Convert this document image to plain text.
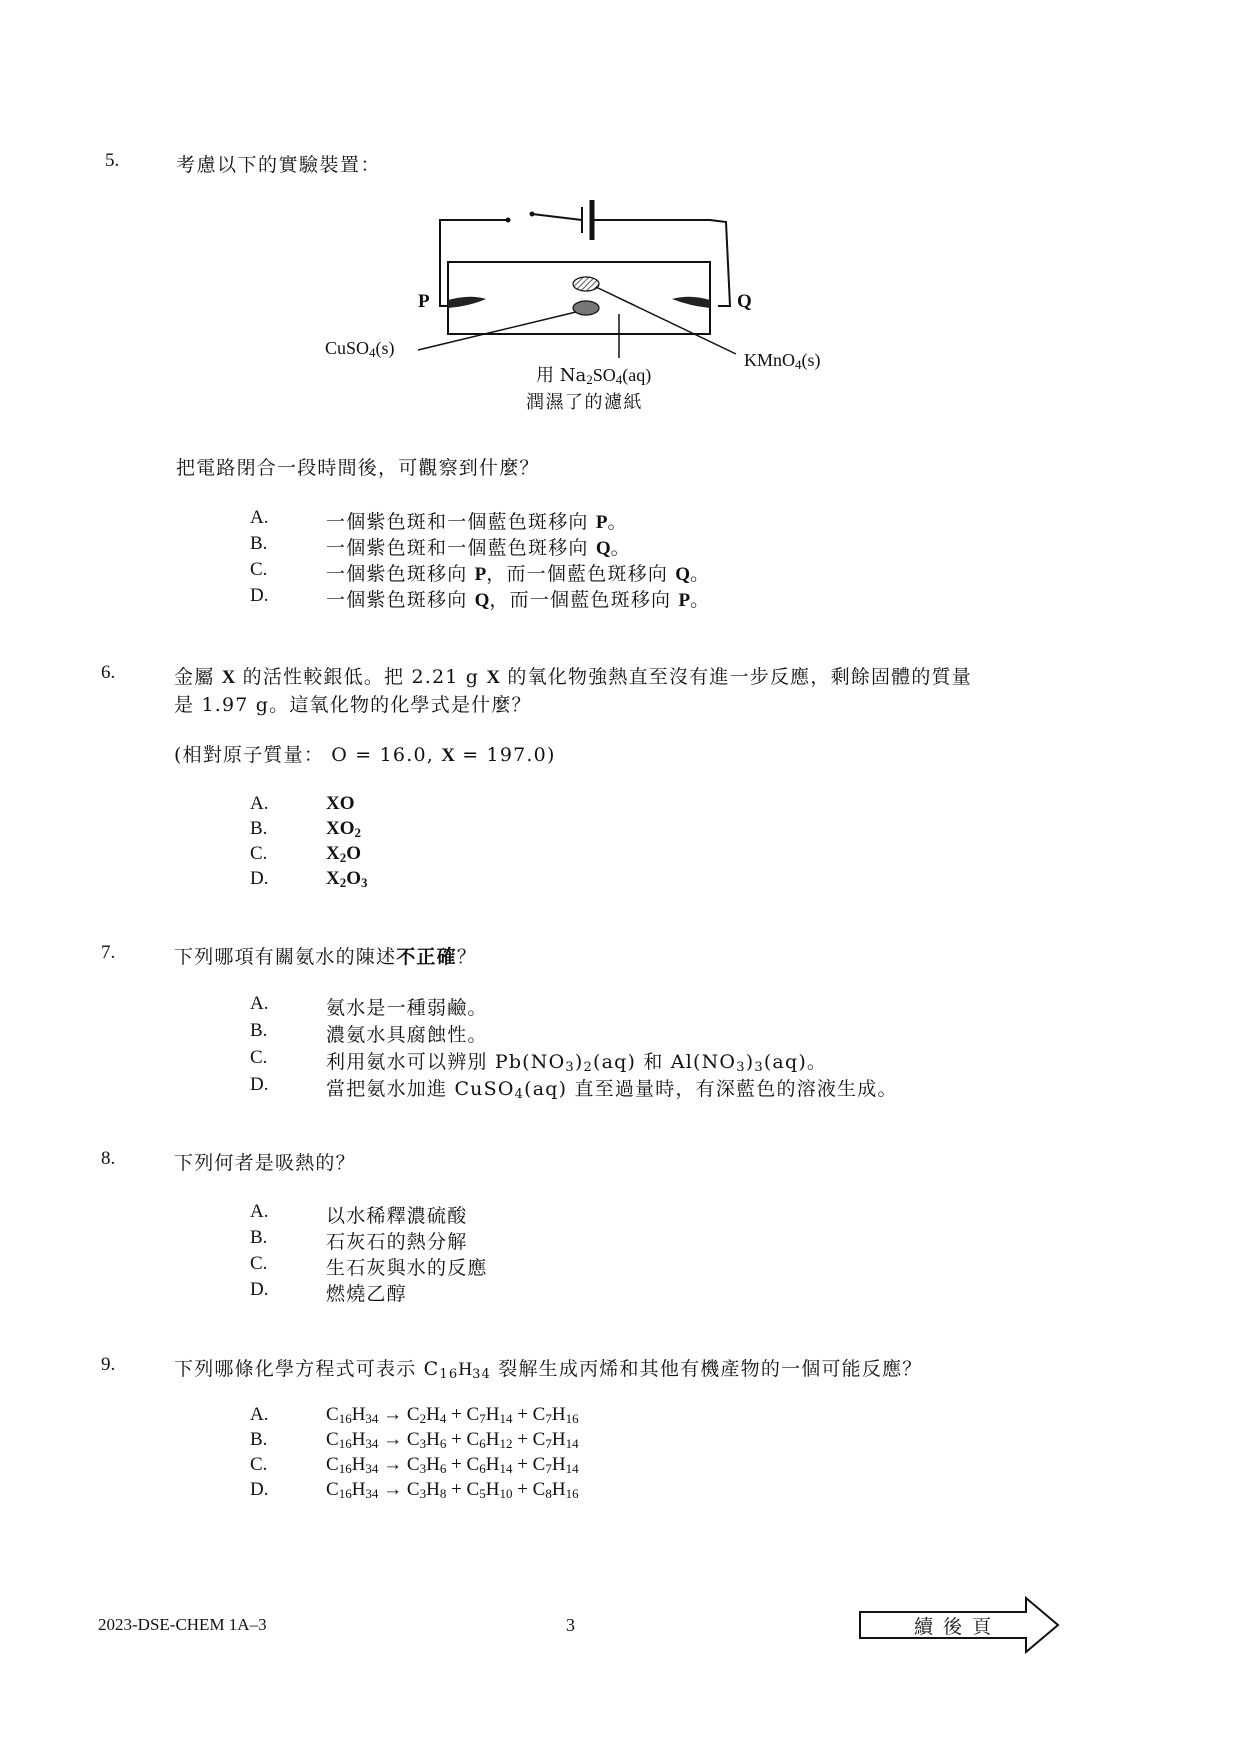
5.	考慮以下的實驗裝置：
P	Q
CuSO$_4$(s)
KMnO$_4$(s)
用 $Na_2SO_4(aq)$
潤濕了的濾紙
把電路閉合一段時間後，可觀察到什麼？
A.	一個紫色斑和一個藍色斑移向 P。
B.	一個紫色斑和一個藍色斑移向 Q。
C.	一個紫色斑移向 P，而一個藍色斑移向 Q。
D.	一個紫色斑移向 Q，而一個藍色斑移向 P。
6.	金屬 X 的活性較銀低。把 2.21 g X 的氧化物強熱直至沒有進一步反應，剩餘固體的質量
是 1.97 g。這氧化物的化學式是什麼？
(相對原子質量： O = 16.0, X = 197.0)
A.	XO
B.	$XO_2$
C.	$X_2O$
D.	$X_2O_3$
7.	下列哪項有關氨水的陳述不正確？
A.	氨水是一種弱鹼。
B.	濃氨水具腐蝕性。
C.	利用氨水可以辨別 $Pb(NO_3)_2(aq)$ 和 $Al(NO_3)_3(aq)$。
D.	當把氨水加進 CuSO$_4$(aq) 直至過量時，有深藍色的溶液生成。
8.	下列何者是吸熱的？
A.	以水稀釋濃硫酸
B.	石灰石的熱分解
C.	生石灰與水的反應
D.	燃燒乙醇
9.	下列哪條化學方程式可表示 $C_{16}H_{34}$ 裂解生成丙烯和其他有機產物的一個可能反應？
A.	$C_{16}H_{34} \to C_2H_4 + C_7H_{14} + C_7H_{16}$
B.	$C_{16}H_{34} \to C_3H_6 + C_6H_{12} + C_7H_{14}$
C.	$C_{16}H_{34} \to C_3H_6 + C_6H_{14} + C_7H_{14}$
D.	$C_{16}H_{34} \to C_3H_8 + C_5H_{10} + C_8H_{16}$
2023-DSE-CHEM 1A–3	3	續 後 頁
